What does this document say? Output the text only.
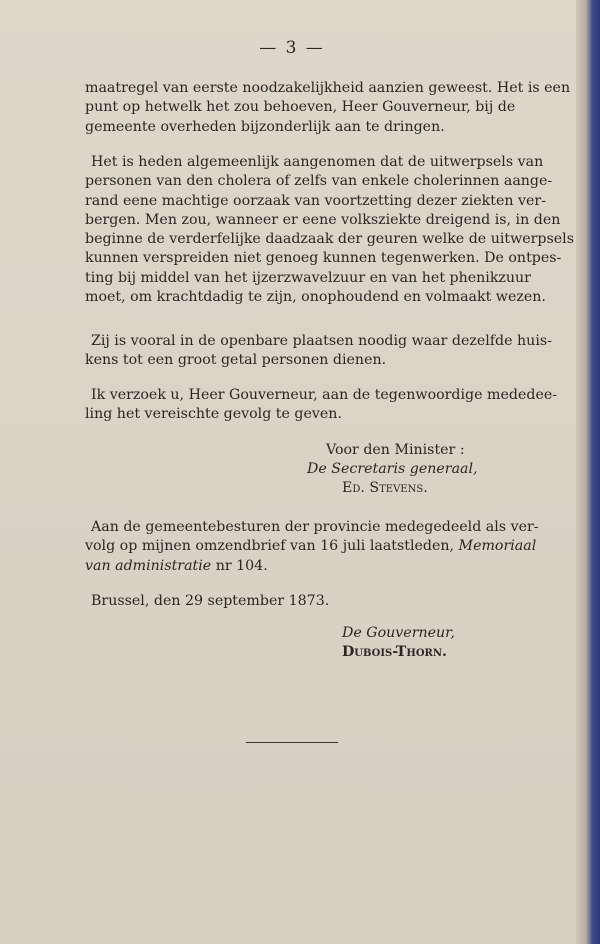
— 3 —
maatregel van eerste noodzakelijkheid aanzien geweest. Het is een
punt op hetwelk het zou behoeven, Heer Gouverneur, bij de
gemeente overheden bijzonderlijk aan te dringen.
Het is heden algemeenlijk aangenomen dat de uitwerpsels van
personen van den cholera of zelfs van enkele cholerinnen aange-
rand eene machtige oorzaak van voortzetting dezer ziekten ver-
bergen. Men zou, wanneer er eene volksziekte dreigend is, in den
beginne de verderfelijke daadzaak der geuren welke de uitwerpsels
kunnen verspreiden niet genoeg kunnen tegenwerken. De ontpes-
ting bij middel van het ijzerzwavelzuur en van het phenikzuur
moet, om krachtdadig te zijn, onophoudend en volmaakt wezen.
Zij is vooral in de openbare plaatsen noodig waar dezelfde huis-
kens tot een groot getal personen dienen.
Ik verzoek u, Heer Gouverneur, aan de tegenwoordige mededee-
ling het vereischte gevolg te geven.
Voor den Minister :
De Secretaris generaal,
Ed. Stevens.
Aan de gemeentebesturen der provincie medegedeeld als ver-
volg op mijnen omzendbrief van 16 juli laatstleden, Memoriaal
van administratie nr 104.
Brussel, den 29 september 1873.
De Gouverneur,
Dubois-Thorn.
